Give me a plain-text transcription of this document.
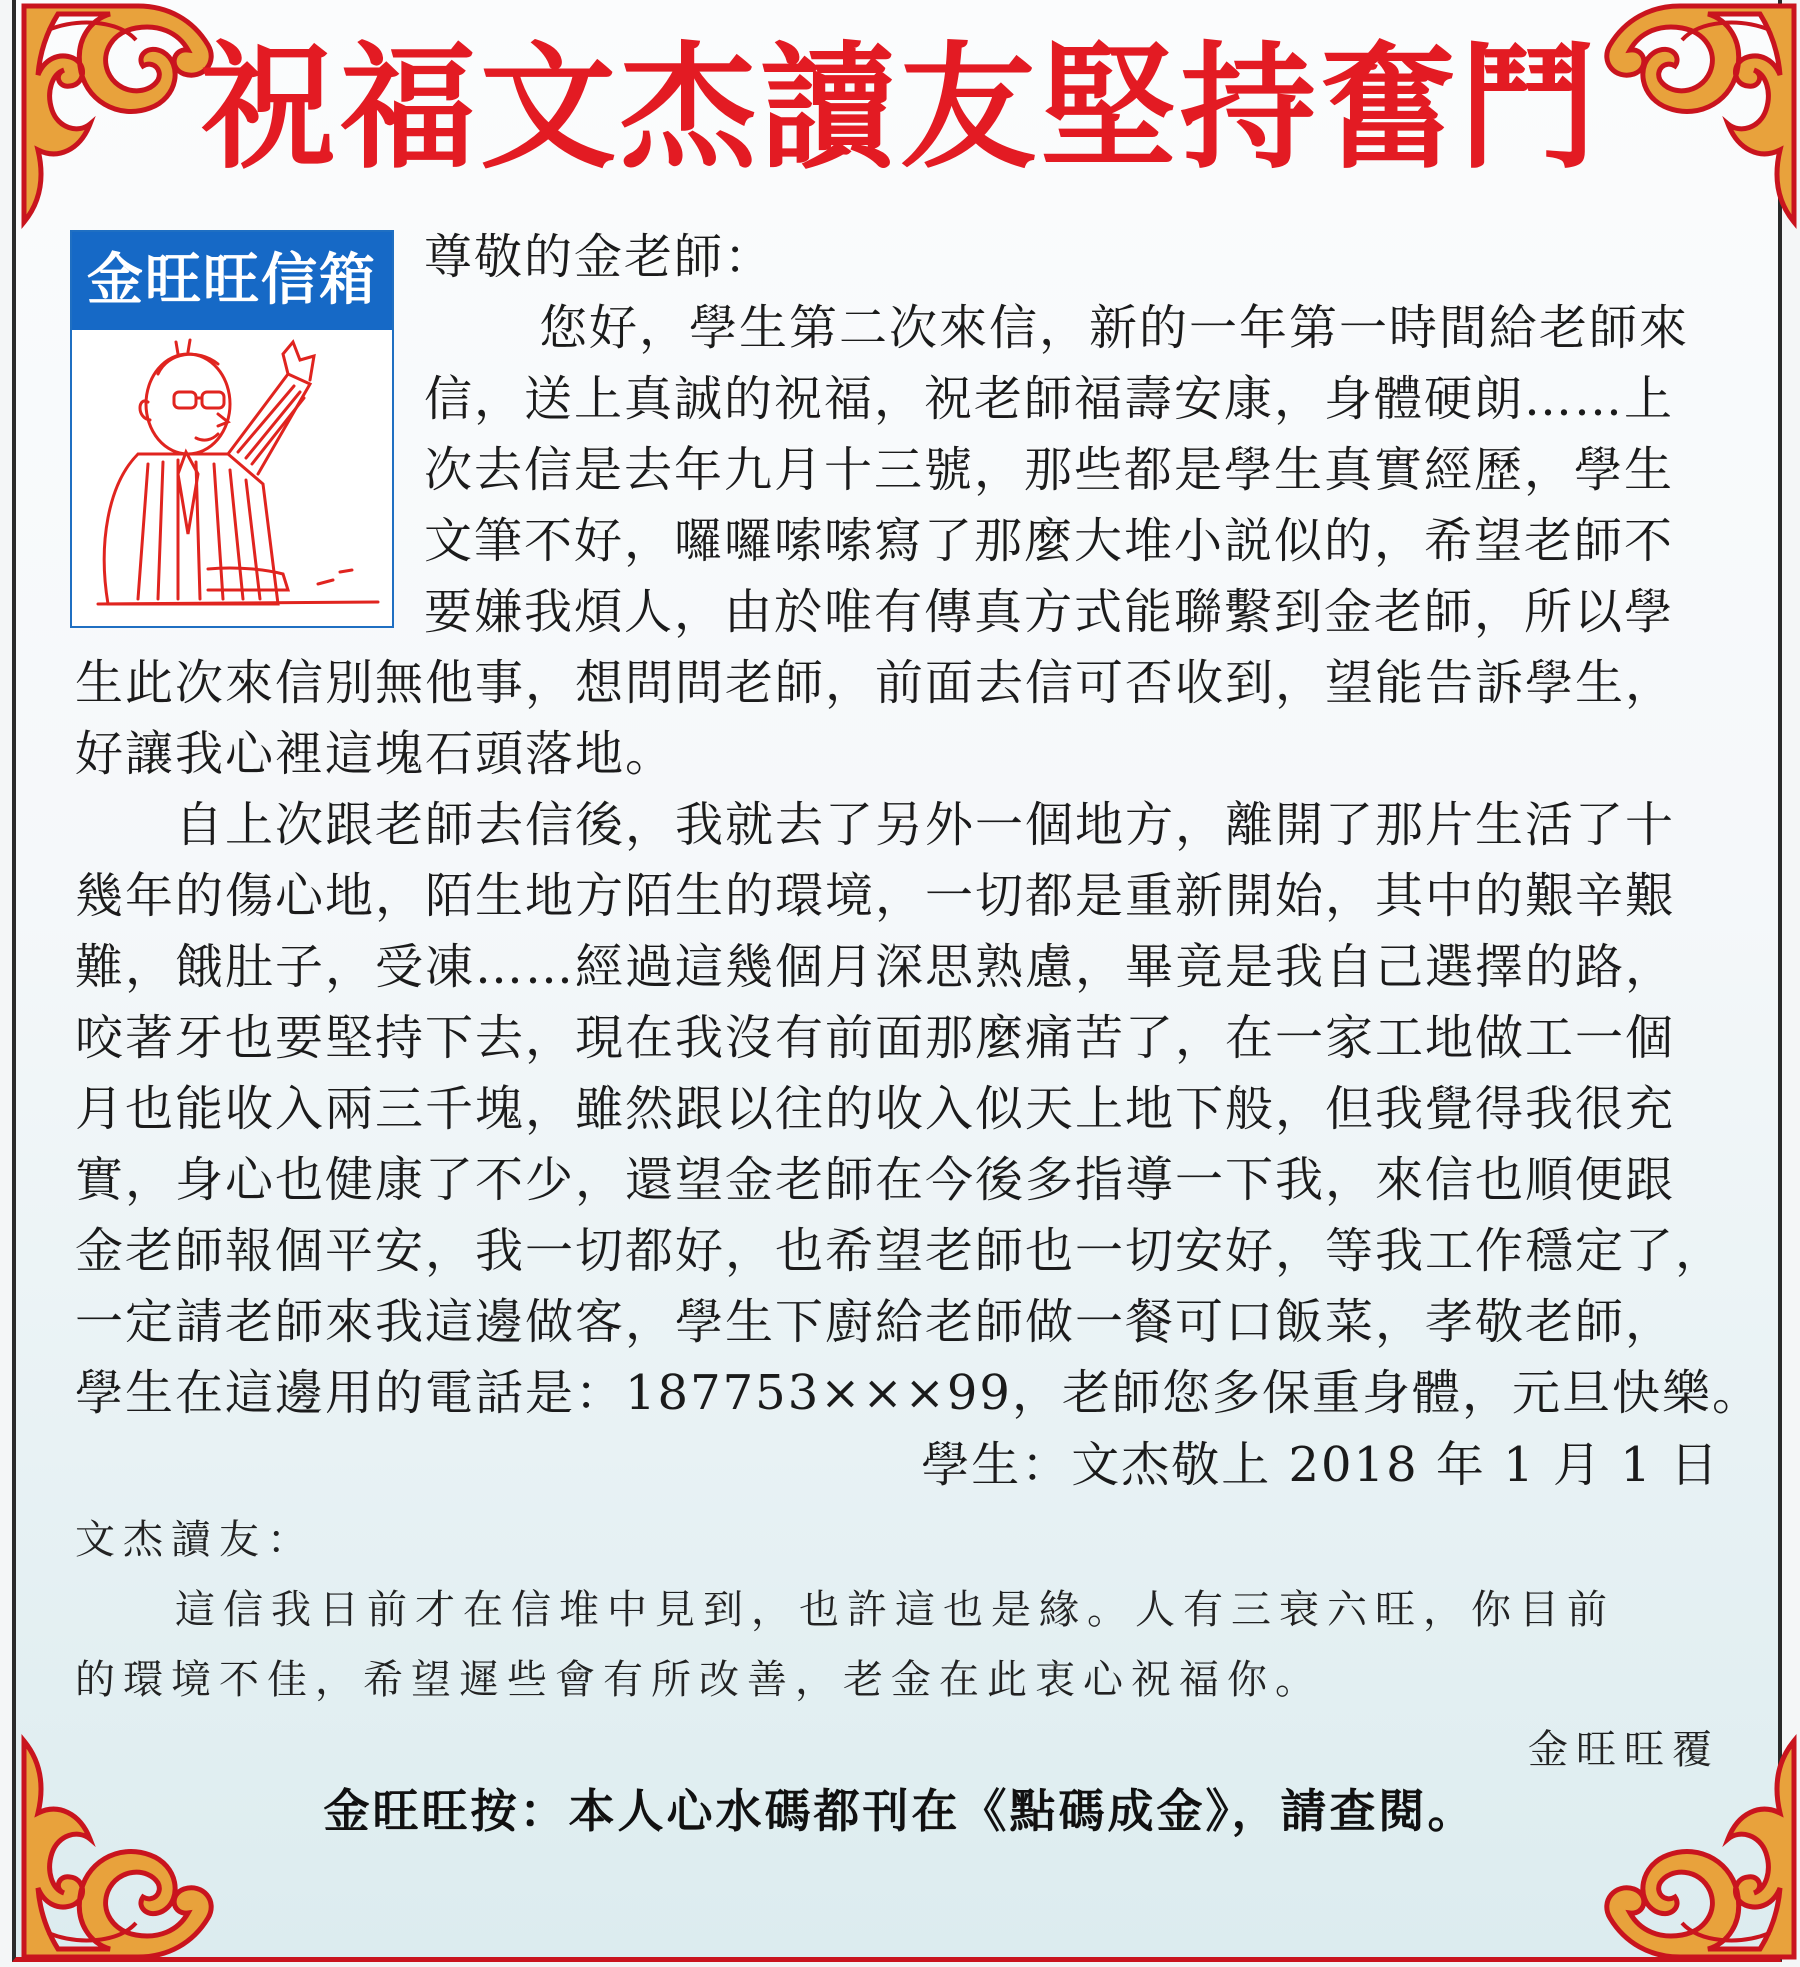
祝福文杰讀友堅持奮鬥
金旺旺信箱 尊敬的金老師：
您好，學生第二次來信，新的一年第一時間給老師來
信，送上真誠的祝福，祝老師福壽安康，身體硬朗……上
次去信是去年九月十三號，那些都是學生真實經歷，學生
文筆不好，囉囉嗦嗦寫了那麼大堆小説似的，希望老師不
要嫌我煩人，由於唯有傳真方式能聯繫到金老師，所以學
生此次來信別無他事，想問問老師，前面去信可否收到，望能告訴學生，
好讓我心裡這塊石頭落地。
自上次跟老師去信後，我就去了另外一個地方，離開了那片生活了十
幾年的傷心地，陌生地方陌生的環境，一切都是重新開始，其中的艱辛艱
難，餓肚子，受凍……經過這幾個月深思熟慮，畢竟是我自己選擇的路，
咬著牙也要堅持下去，現在我沒有前面那麼痛苦了，在一家工地做工一個
月也能收入兩三千塊，雖然跟以往的收入似天上地下般，但我覺得我很充
實，身心也健康了不少，還望金老師在今後多指導一下我，來信也順便跟
金老師報個平安，我一切都好，也希望老師也一切安好，等我工作穩定了，
一定請老師來我這邊做客，學生下廚給老師做一餐可口飯菜，孝敬老師，
學生在這邊用的電話是：187753×××99，老師您多保重身體，元旦快樂。
學生：文杰敬上 2018 年 1 月 1 日
文杰讀友：
這信我日前才在信堆中見到，也許這也是緣。人有三衰六旺，你目前
的環境不佳，希望遲些會有所改善，老金在此衷心祝福你。
金旺旺覆
金旺旺按：本人心水碼都刊在《點碼成金》，請查閱。
